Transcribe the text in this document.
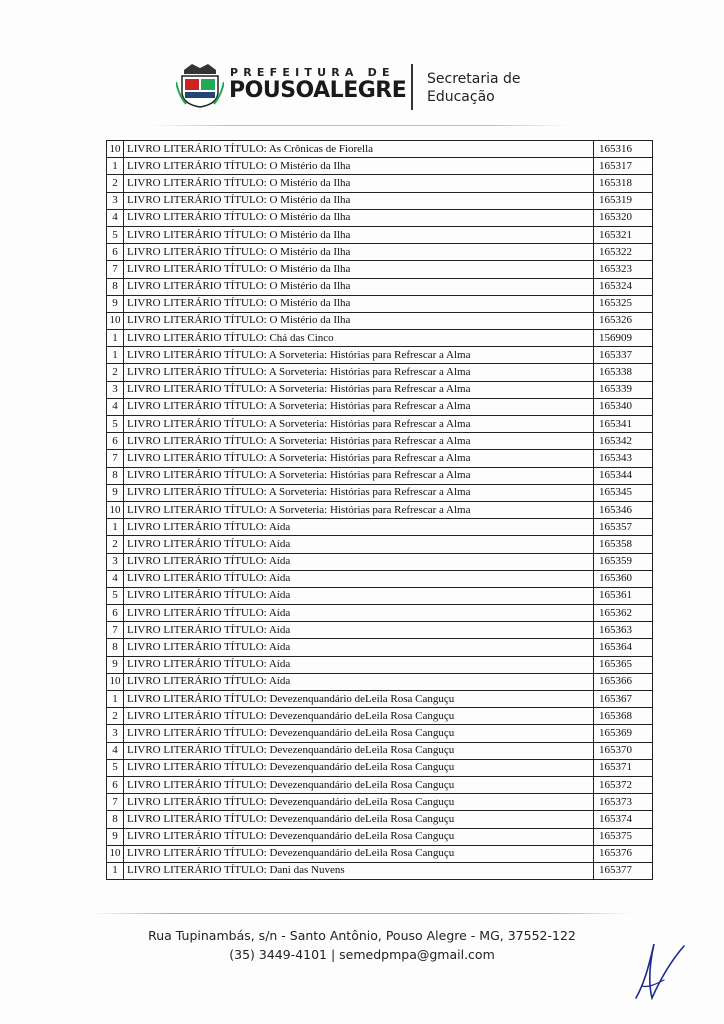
PREFEITURA DE
POUSOALEGRE Secretaria de
Educação
10	LIVRO LITERÁRIO TÍTULO: As Crônicas de Fiorella	165316
1	LIVRO LITERÁRIO TÍTULO: O Mistério da Ilha	165317
2	LIVRO LITERÁRIO TÍTULO: O Mistério da Ilha	165318
3	LIVRO LITERÁRIO TÍTULO: O Mistério da Ilha	165319
4	LIVRO LITERÁRIO TÍTULO: O Mistério da Ilha	165320
5	LIVRO LITERÁRIO TÍTULO: O Mistério da Ilha	165321
6	LIVRO LITERÁRIO TÍTULO: O Mistério da Ilha	165322
7	LIVRO LITERÁRIO TÍTULO: O Mistério da Ilha	165323
8	LIVRO LITERÁRIO TÍTULO: O Mistério da Ilha	165324
9	LIVRO LITERÁRIO TÍTULO: O Mistério da Ilha	165325
10	LIVRO LITERÁRIO TÍTULO: O Mistério da Ilha	165326
1	LIVRO LITERÁRIO TÍTULO: Chá das Cinco	156909
1	LIVRO LITERÁRIO TÍTULO: A Sorveteria: Histórias para Refrescar a Alma	165337
2	LIVRO LITERÁRIO TÍTULO: A Sorveteria: Histórias para Refrescar a Alma	165338
3	LIVRO LITERÁRIO TÍTULO: A Sorveteria: Histórias para Refrescar a Alma	165339
4	LIVRO LITERÁRIO TÍTULO: A Sorveteria: Histórias para Refrescar a Alma	165340
5	LIVRO LITERÁRIO TÍTULO: A Sorveteria: Histórias para Refrescar a Alma	165341
6	LIVRO LITERÁRIO TÍTULO: A Sorveteria: Histórias para Refrescar a Alma	165342
7	LIVRO LITERÁRIO TÍTULO: A Sorveteria: Histórias para Refrescar a Alma	165343
8	LIVRO LITERÁRIO TÍTULO: A Sorveteria: Histórias para Refrescar a Alma	165344
9	LIVRO LITERÁRIO TÍTULO: A Sorveteria: Histórias para Refrescar a Alma	165345
10	LIVRO LITERÁRIO TÍTULO: A Sorveteria: Histórias para Refrescar a Alma	165346
1	LIVRO LITERÁRIO TÍTULO: Aída	165357
2	LIVRO LITERÁRIO TÍTULO: Aída	165358
3	LIVRO LITERÁRIO TÍTULO: Aída	165359
4	LIVRO LITERÁRIO TÍTULO: Aída	165360
5	LIVRO LITERÁRIO TÍTULO: Aída	165361
6	LIVRO LITERÁRIO TÍTULO: Aída	165362
7	LIVRO LITERÁRIO TÍTULO: Aída	165363
8	LIVRO LITERÁRIO TÍTULO: Aída	165364
9	LIVRO LITERÁRIO TÍTULO: Aída	165365
10	LIVRO LITERÁRIO TÍTULO: Aída	165366
1	LIVRO LITERÁRIO TÍTULO: Devezenquandário deLeila Rosa Canguçu	165367
2	LIVRO LITERÁRIO TÍTULO: Devezenquandário deLeila Rosa Canguçu	165368
3	LIVRO LITERÁRIO TÍTULO: Devezenquandário deLeila Rosa Canguçu	165369
4	LIVRO LITERÁRIO TÍTULO: Devezenquandário deLeila Rosa Canguçu	165370
5	LIVRO LITERÁRIO TÍTULO: Devezenquandário deLeila Rosa Canguçu	165371
6	LIVRO LITERÁRIO TÍTULO: Devezenquandário deLeila Rosa Canguçu	165372
7	LIVRO LITERÁRIO TÍTULO: Devezenquandário deLeila Rosa Canguçu	165373
8	LIVRO LITERÁRIO TÍTULO: Devezenquandário deLeila Rosa Canguçu	165374
9	LIVRO LITERÁRIO TÍTULO: Devezenquandário deLeila Rosa Canguçu	165375
10	LIVRO LITERÁRIO TÍTULO: Devezenquandário deLeila Rosa Canguçu	165376
1	LIVRO LITERÁRIO TÍTULO: Dani das Nuvens	165377
Rua Tupinambás, s/n - Santo Antônio, Pouso Alegre - MG, 37552-122
(35) 3449-4101 | semedpmpa@gmail.com
